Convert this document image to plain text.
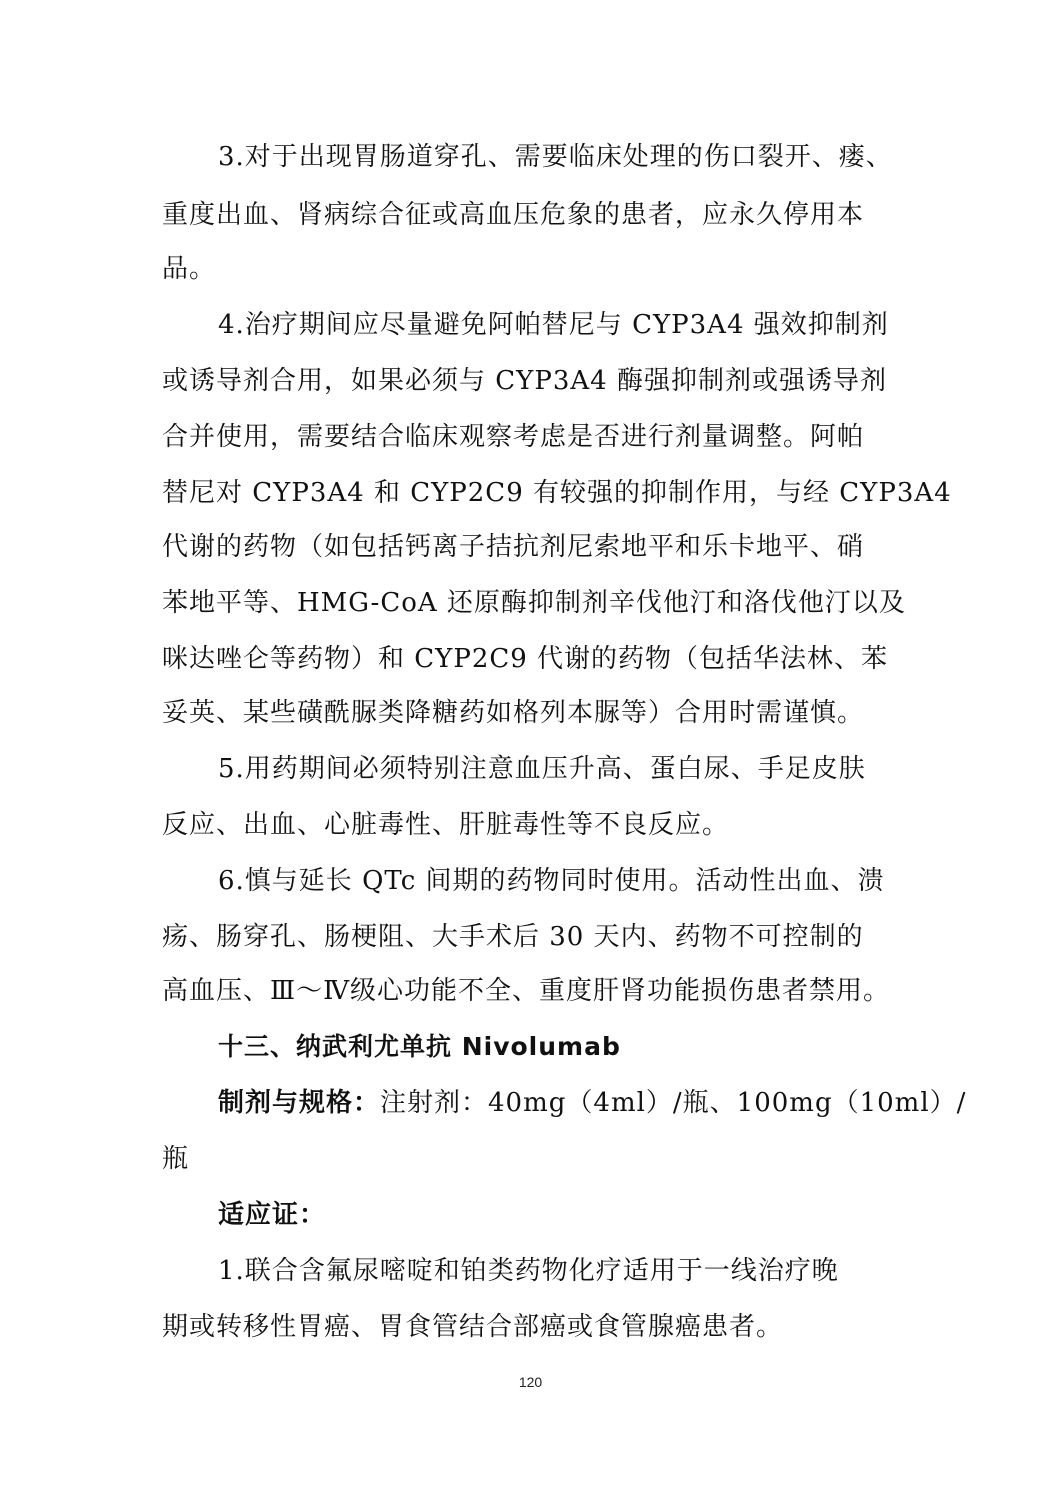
3.对于出现胃肠道穿孔、需要临床处理的伤口裂开、瘘、
重度出血、肾病综合征或高血压危象的患者，应永久停用本
品。
4.治疗期间应尽量避免阿帕替尼与 CYP3A4 强效抑制剂
或诱导剂合用，如果必须与 CYP3A4 酶强抑制剂或强诱导剂
合并使用，需要结合临床观察考虑是否进行剂量调整。阿帕
替尼对 CYP3A4 和 CYP2C9 有较强的抑制作用，与经 CYP3A4
代谢的药物（如包括钙离子拮抗剂尼索地平和乐卡地平、硝
苯地平等、HMG-CoA 还原酶抑制剂辛伐他汀和洛伐他汀以及
咪达唑仑等药物）和 CYP2C9 代谢的药物（包括华法林、苯
妥英、某些磺酰脲类降糖药如格列本脲等）合用时需谨慎。
5.用药期间必须特别注意血压升高、蛋白尿、手足皮肤
反应、出血、心脏毒性、肝脏毒性等不良反应。
6.慎与延长 QTc 间期的药物同时使用。活动性出血、溃
疡、肠穿孔、肠梗阻、大手术后 30 天内、药物不可控制的
高血压、Ⅲ～Ⅳ级心功能不全、重度肝肾功能损伤患者禁用。
十三、纳武利尤单抗 Nivolumab
制剂与规格：注射剂：40mg（4ml）/瓶、100mg（10ml）/
瓶
适应证：
1.联合含氟尿嘧啶和铂类药物化疗适用于一线治疗晚
期或转移性胃癌、胃食管结合部癌或食管腺癌患者。
120
